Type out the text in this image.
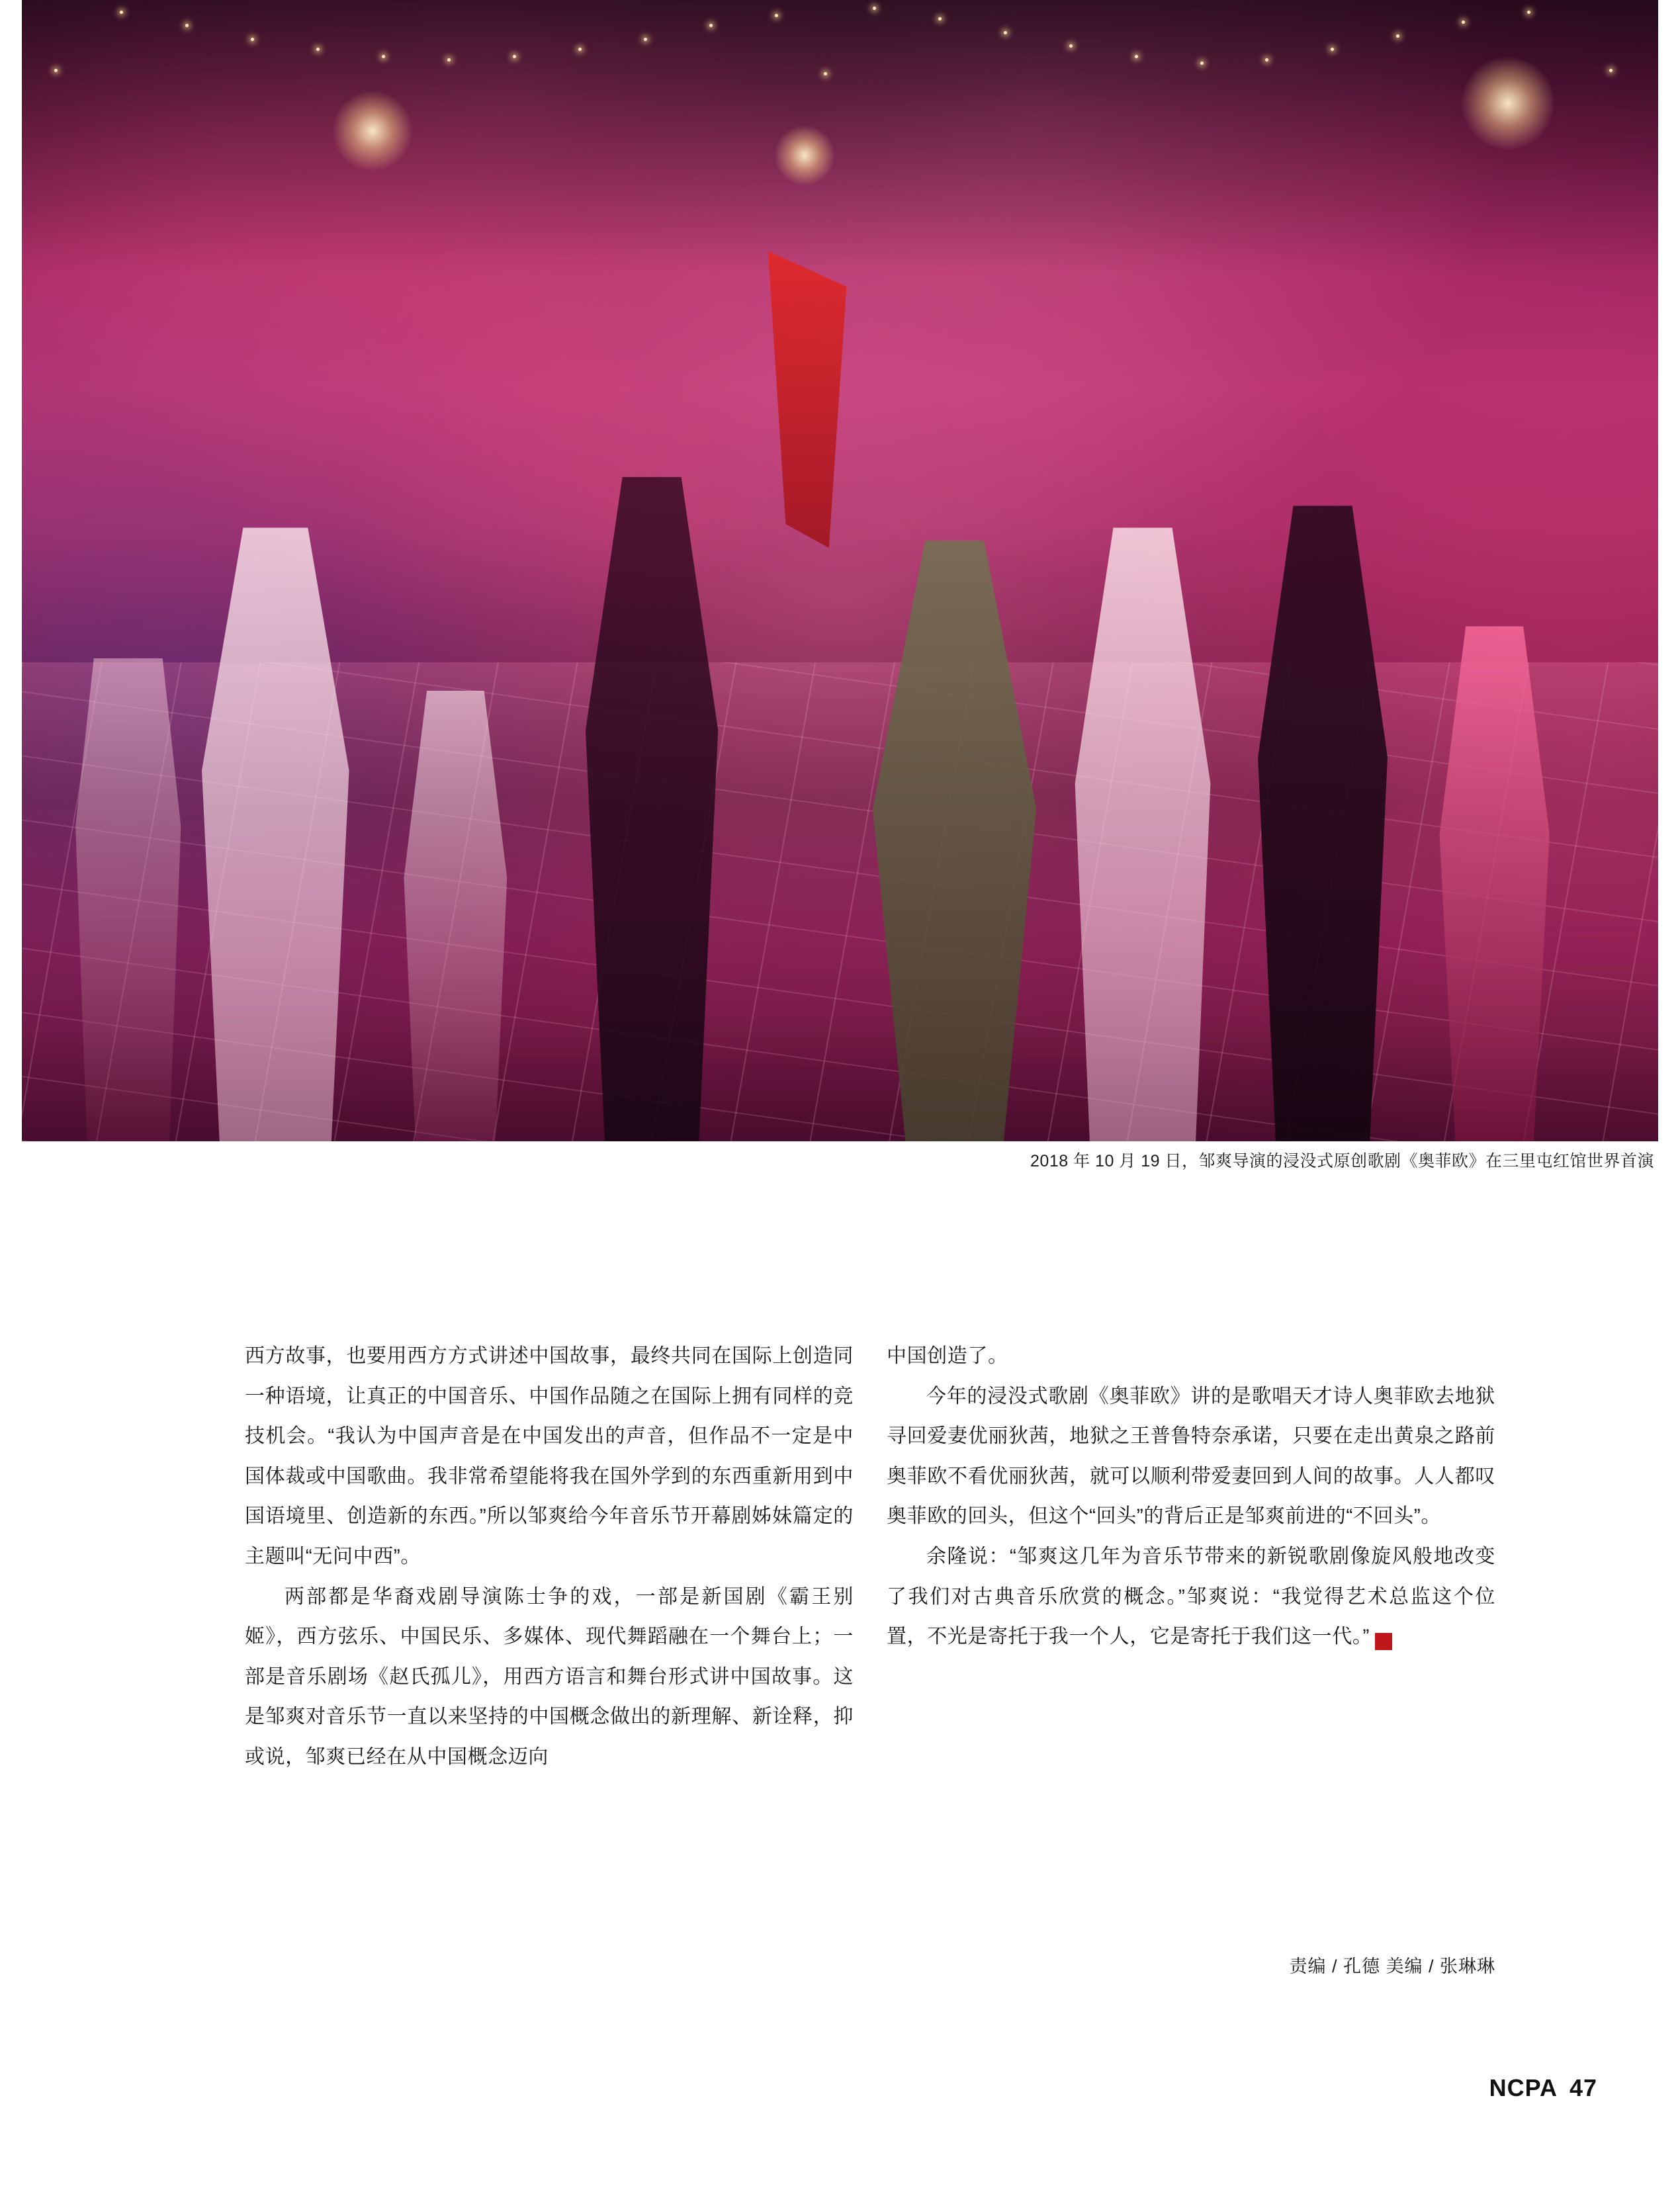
2018 年 10 月 19 日，邹爽导演的浸没式原创歌剧《奥菲欧》在三里屯红馆世界首演

西方故事，也要用西方方式讲述中国故事，最终共同在国际上创造同一种语境，让真正的中国音乐、中国作品随之在国际上拥有同样的竞技机会。“我认为中国声音是在中国发出的声音，但作品不一定是中国体裁或中国歌曲。我非常希望能将我在国外学到的东西重新用到中国语境里、创造新的东西。”所以邹爽给今年音乐节开幕剧姊妹篇定的主题叫“无问中西”。

两部都是华裔戏剧导演陈士争的戏，一部是新国剧《霸王别姬》，西方弦乐、中国民乐、多媒体、现代舞蹈融在一个舞台上；一部是音乐剧场《赵氏孤儿》，用西方语言和舞台形式讲中国故事。这是邹爽对音乐节一直以来坚持的中国概念做出的新理解、新诠释，抑或说，邹爽已经在从中国概念迈向

中国创造了。

今年的浸没式歌剧《奥菲欧》讲的是歌唱天才诗人奥菲欧去地狱寻回爱妻优丽狄茜，地狱之王普鲁特奈承诺，只要在走出黄泉之路前奥菲欧不看优丽狄茜，就可以顺利带爱妻回到人间的故事。人人都叹奥菲欧的回头，但这个“回头”的背后正是邹爽前进的“不回头”。

余隆说：“邹爽这几年为音乐节带来的新锐歌剧像旋风般地改变了我们对古典音乐欣赏的概念。”邹爽说：“我觉得艺术总监这个位置，不光是寄托于我一个人，它是寄托于我们这一代。”	NC

责编 / 孔德 美编 / 张琳琳
NCPA 47
